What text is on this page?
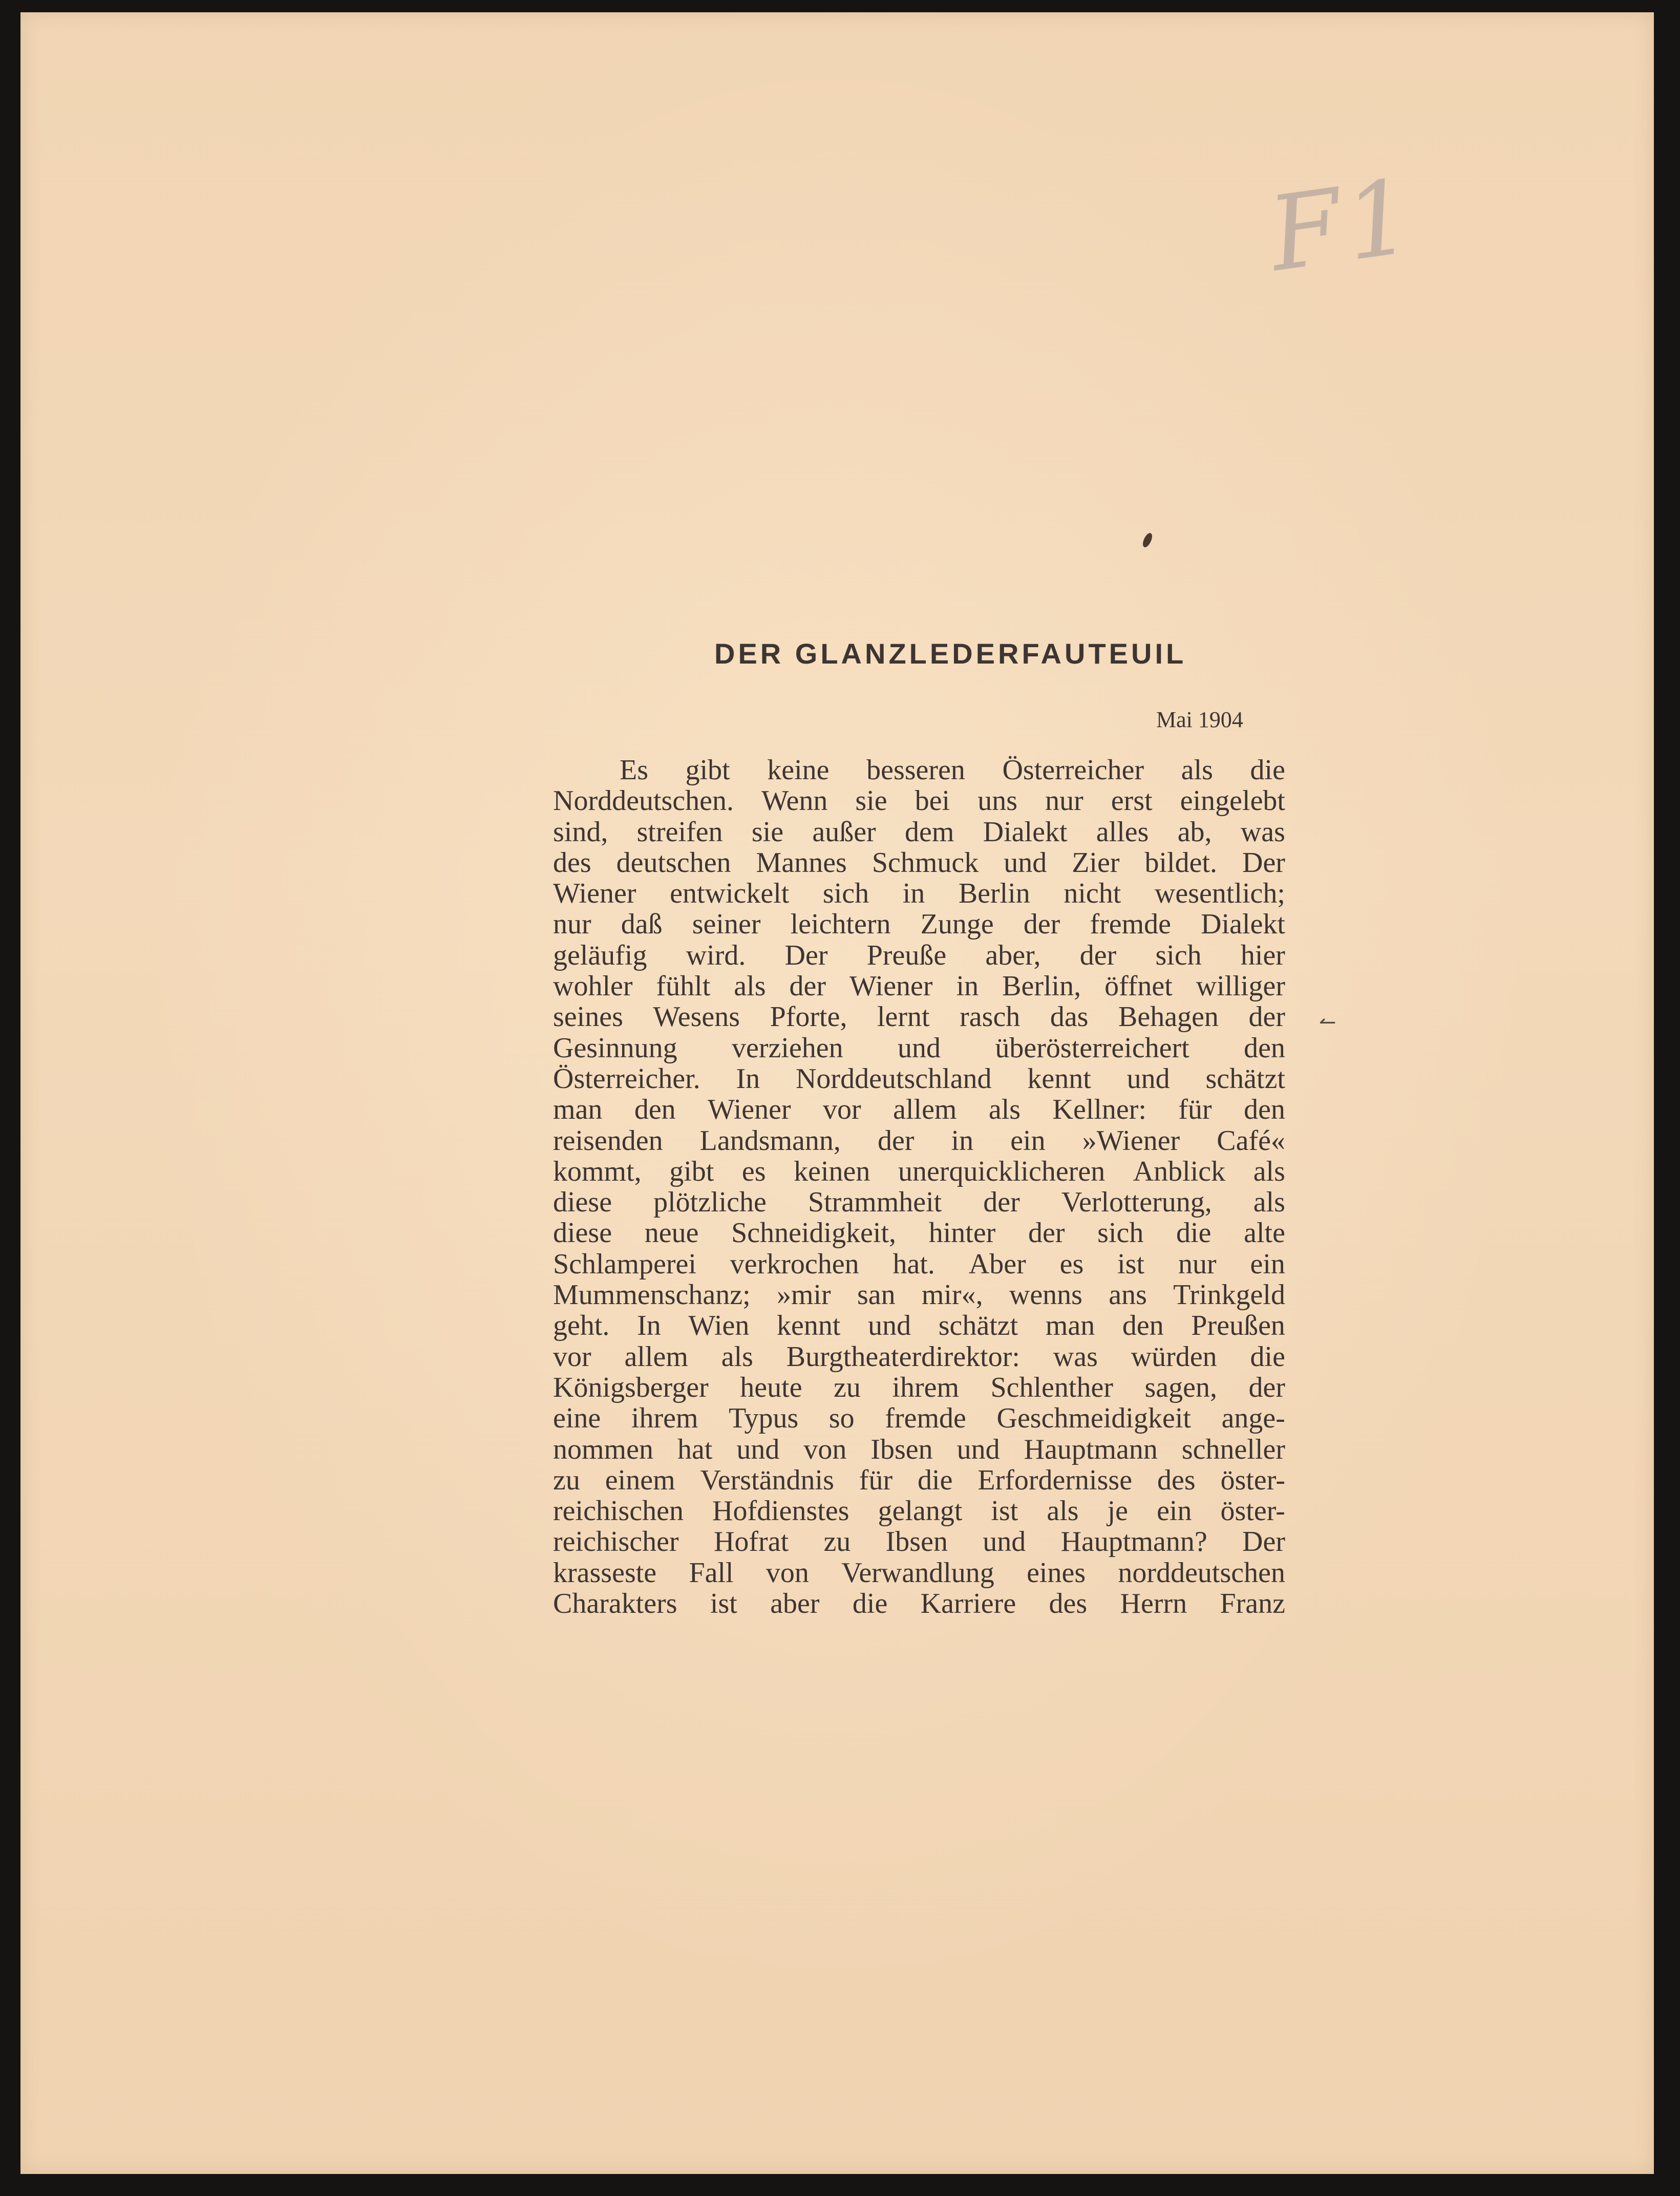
F1
↼
DER GLANZLEDERFAUTEUIL
Mai 1904
Es gibt keine besseren Österreicher als die
Norddeutschen. Wenn sie bei uns nur erst eingelebt
sind, streifen sie außer dem Dialekt alles ab, was
des deutschen Mannes Schmuck und Zier bildet. Der
Wiener entwickelt sich in Berlin nicht wesentlich;
nur daß seiner leichtern Zunge der fremde Dialekt
geläufig wird. Der Preuße aber, der sich hier
wohler fühlt als der Wiener in Berlin, öffnet williger
seines Wesens Pforte, lernt rasch das Behagen der
Gesinnung verziehen und überösterreichert den
Österreicher. In Norddeutschland kennt und schätzt
man den Wiener vor allem als Kellner: für den
reisenden Landsmann, der in ein »Wiener Café«
kommt, gibt es keinen unerquicklicheren Anblick als
diese plötzliche Strammheit der Verlotterung, als
diese neue Schneidigkeit, hinter der sich die alte
Schlamperei verkrochen hat. Aber es ist nur ein
Mummenschanz; »mir san mir«, wenns ans Trinkgeld
geht. In Wien kennt und schätzt man den Preußen
vor allem als Burgtheaterdirektor: was würden die
Königsberger heute zu ihrem Schlenther sagen, der
eine ihrem Typus so fremde Geschmeidigkeit ange-
nommen hat und von Ibsen und Hauptmann schneller
zu einem Verständnis für die Erfordernisse des öster-
reichischen Hofdienstes gelangt ist als je ein öster-
reichischer Hofrat zu Ibsen und Hauptmann? Der
krasseste Fall von Verwandlung eines norddeutschen
Charakters ist aber die Karriere des Herrn Franz
